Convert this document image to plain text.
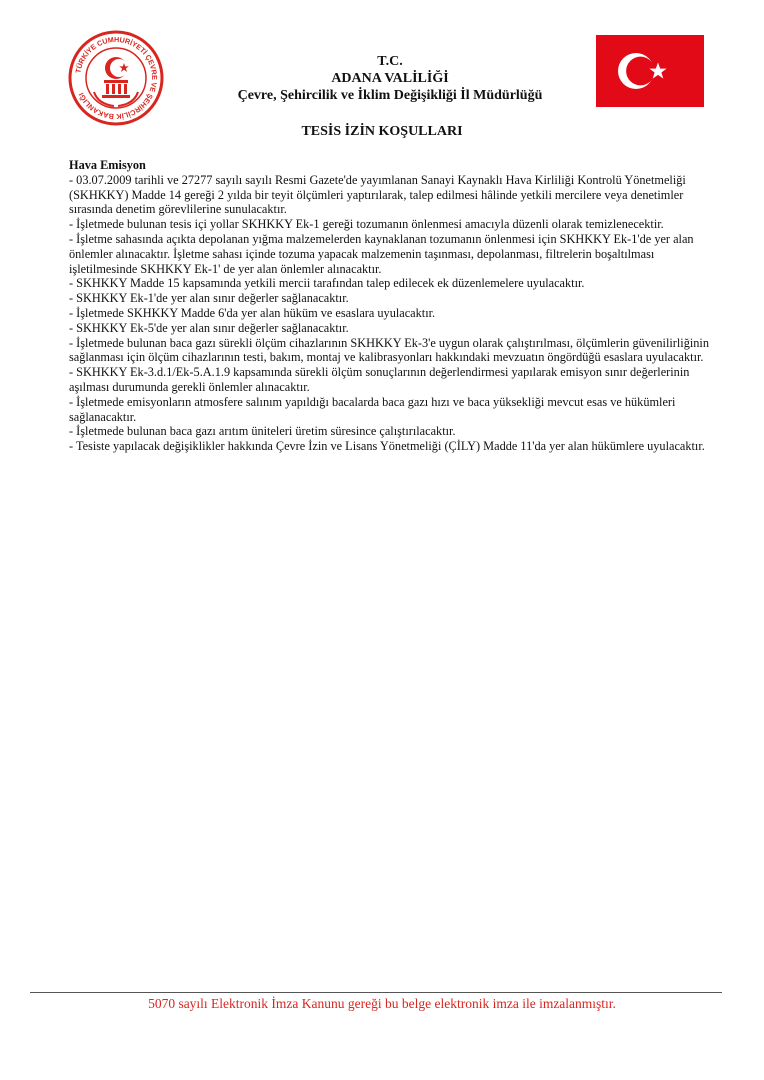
TÜRKİYE CUMHURİYETİ ÇEVRE VE ŞEHİRCİLİK BAKANLIĞI
T.C.
ADANA VALİLİĞİ
Çevre, Şehircilik ve İklim Değişikliği İl Müdürlüğü
TESİS İZİN KOŞULLARI
Hava Emisyon

- 03.07.2009 tarihli ve 27277 sayılı sayılı Resmi Gazete'de yayımlanan Sanayi Kaynaklı Hava Kirliliği Kontrolü Yönetmeliği (SKHKKY) Madde 14 gereği 2 yılda bir teyit ölçümleri yaptırılarak, talep edilmesi hâlinde yetkili mercilere veya denetimler sırasında denetim görevlilerine sunulacaktır.

- İşletmede bulunan tesis içi yollar SKHKKY Ek-1 gereği tozumanın önlenmesi amacıyla düzenli olarak temizlenecektir.

- İşletme sahasında açıkta depolanan yığma malzemelerden kaynaklanan tozumanın önlenmesi için SKHKKY Ek-1'de yer alan önlemler alınacaktır. İşletme sahası içinde tozuma yapacak malzemenin taşınması, depolanması, filtrelerin boşaltılması işletilmesinde SKHKKY Ek-1' de yer alan önlemler alınacaktır.

- SKHKKY Madde 15 kapsamında yetkili mercii tarafından talep edilecek ek düzenlemelere uyulacaktır.

- SKHKKY Ek-1'de yer alan sınır değerler sağlanacaktır.

- İşletmede SKHKKY Madde 6'da yer alan hüküm ve esaslara uyulacaktır.

- SKHKKY Ek-5'de yer alan sınır değerler sağlanacaktır.

- İşletmede bulunan baca gazı sürekli ölçüm cihazlarının SKHKKY Ek-3'e uygun olarak çalıştırılması, ölçümlerin güvenilirliğinin sağlanması için ölçüm cihazlarının testi, bakım, montaj ve kalibrasyonları hakkındaki mevzuatın öngördüğü esaslara uyulacaktır.

- SKHKKY Ek-3.d.1/Ek-5.A.1.9 kapsamında sürekli ölçüm sonuçlarının değerlendirmesi yapılarak emisyon sınır değerlerinin aşılması durumunda gerekli önlemler alınacaktır.

- İşletmede emisyonların atmosfere salınım yapıldığı bacalarda baca gazı hızı ve baca yüksekliği mevcut esas ve hükümleri sağlanacaktır.

- İşletmede bulunan baca gazı arıtım üniteleri üretim süresince çalıştırılacaktır.

- Tesiste yapılacak değişiklikler hakkında Çevre İzin ve Lisans Yönetmeliği (ÇİLY) Madde 11'da yer alan hükümlere uyulacaktır.

5070 sayılı Elektronik İmza Kanunu gereği bu belge elektronik imza ile imzalanmıştır.
